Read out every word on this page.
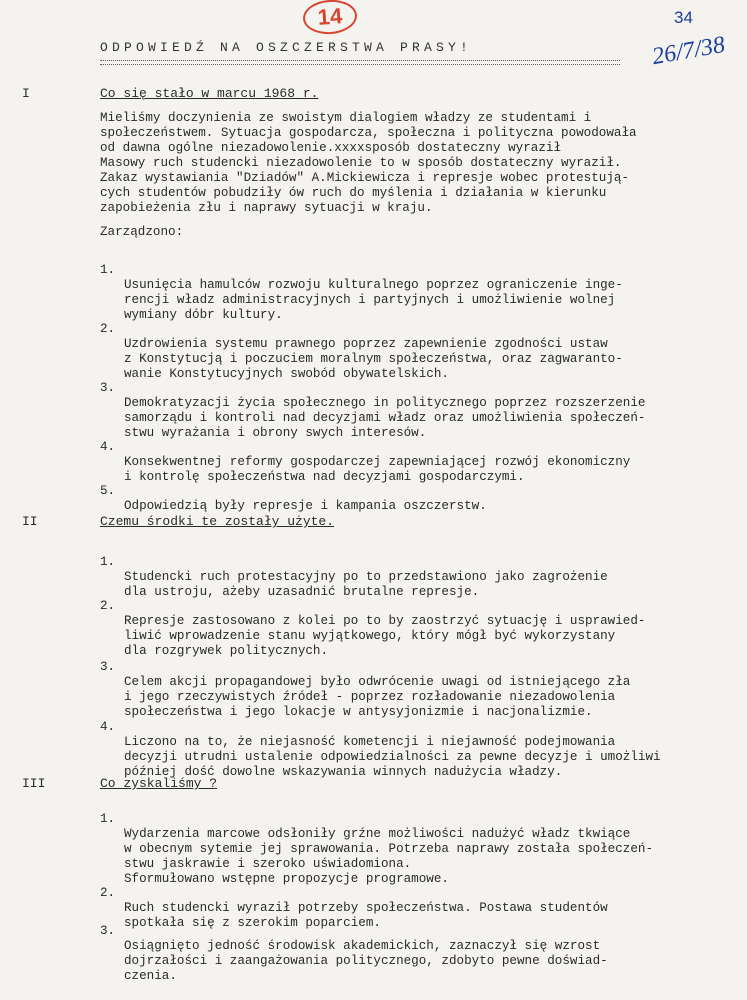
14	34
26/7/38
ODPOWIEDŹ NA OSZCZERSTWA PRASY!
I	Co się stało w marcu 1968 r.
Mieliśmy doczynienia ze swoistym dialogiem władzy ze studentami i
społeczeństwem. Sytuacja gospodarcza, społeczna i polityczna powodowała
od dawna ogólne niezadowolenie.xxxxsposób dostateczny wyraził
Masowy ruch studencki niezadowolenie to w sposób dostateczny wyraził.
Zakaz wystawiania "Dziadów" A.Mickiewicza i represje wobec protestują-
cych studentów pobudziły ów ruch do myślenia i działania w kierunku
zapobieżenia złu i naprawy sytuacji w kraju.
Zarządzono:

1.

Usunięcia hamulców rozwoju kulturalnego poprzez ograniczenie inge-
rencji władz administracyjnych i partyjnych i umożliwienie wolnej
wymiany dóbr kultury.

2.

Uzdrowienia systemu prawnego poprzez zapewnienie zgodności ustaw
z Konstytucją i poczuciem moralnym społeczeństwa, oraz zagwaranto-
wanie Konstytucyjnych swobód obywatelskich.

3.

Demokratyzacji życia społecznego in politycznego poprzez rozszerzenie
samorządu i kontroli nad decyzjami władz oraz umożliwienia społeczeń-
stwu wyrażania i obrony swych interesów.

4.

Konsekwentnej reformy gospodarczej zapewniającej rozwój ekonomiczny
i kontrolę społeczeństwa nad decyzjami gospodarczymi.

5.

Odpowiedzią były represje i kampania oszczerstw.

II	Czemu środki te zostały użyte.

1.

Studencki ruch protestacyjny po to przedstawiono jako zagrożenie
dla ustroju, ażeby uzasadnić brutalne represje.

2.

Represje zastosowano z kolei po to by zaostrzyć sytuację i usprawied-
liwić wprowadzenie stanu wyjątkowego, który mógł być wykorzystany
dla rozgrywek politycznych.

3.

Celem akcji propagandowej było odwrócenie uwagi od istniejącego zła
i jego rzeczywistych źródeł - poprzez rozładowanie niezadowolenia
społeczeństwa i jego lokacje w antysyjonizmie i nacjonalizmie.

4.

Liczono na to, że niejasność kometencji i niejawność podejmowania
decyzji utrudni ustalenie odpowiedzialności za pewne decyzje i umożliwi
później dość dowolne wskazywania winnych nadużycia władzy.

III	Co zyskaliśmy ?

1.

Wydarzenia marcowe odsłoniły grźne możliwości nadużyć władz tkwiące
w obecnym sytemie jej sprawowania. Potrzeba naprawy została społeczeń-
stwu jaskrawie i szeroko uświadomiona.
Sformułowano wstępne propozycje programowe.

2.

Ruch studencki wyraził potrzeby społeczeństwa. Postawa studentów
spotkała się z szerokim poparciem.

3.

Osiągnięto jedność środowisk akademickich, zaznaczył się wzrost
dojrzałości i zaangażowania politycznego, zdobyto pewne doświad-
czenia.
